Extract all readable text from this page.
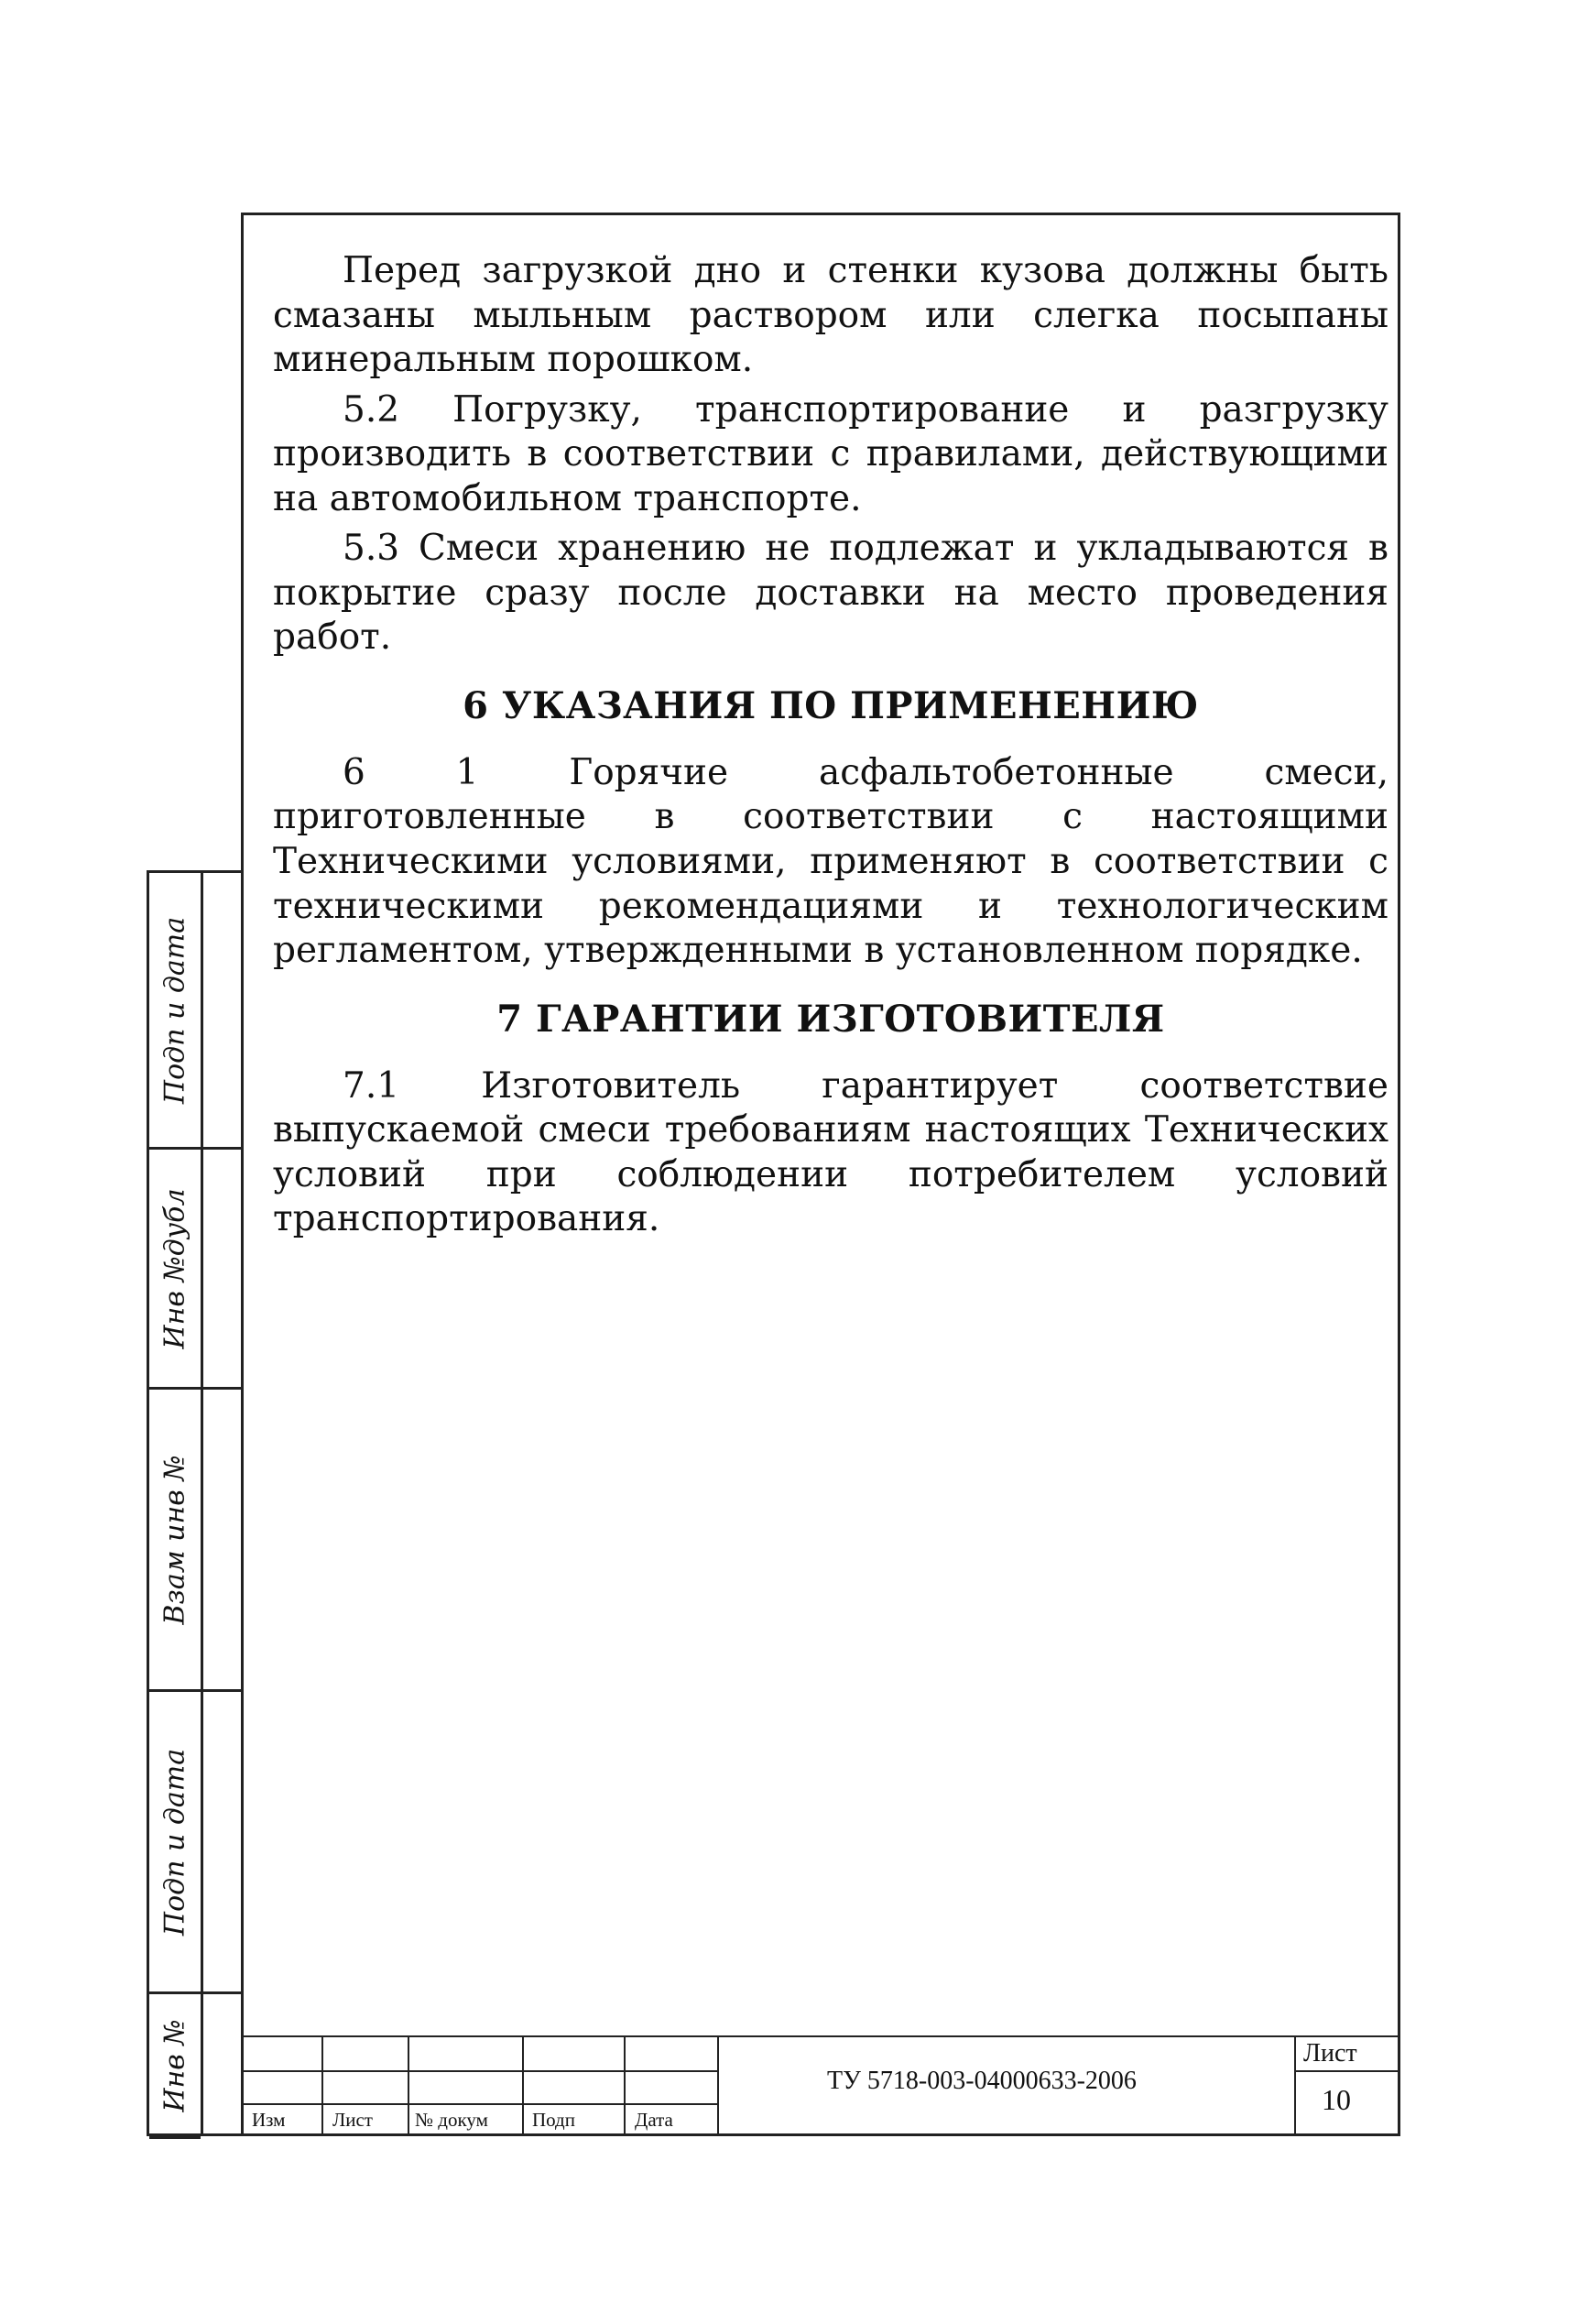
Перед загрузкой дно и стенки кузова должны быть смазаны мыльным раствором или слегка посыпаны минеральным порошком.

5.2 Погрузку, транспортирование и разгрузку производить в соответствии с правилами, действующими на автомобильном транспорте.

5.3 Смеси хранению не подлежат и укладываются в покрытие сразу после доставки на место проведения работ.

6 УКАЗАНИЯ ПО ПРИМЕНЕНИЮ

6 1 Горячие асфальтобетонные смеси, приготовленные в соответствии с настоящими Техническими условиями, применяют в соответствии с техническими рекомендациями и технологическим регламентом, утвержденными в установленном порядке.

7 ГАРАНТИИ ИЗГОТОВИТЕЛЯ

7.1 Изготовитель гарантирует соответствие выпускаемой смеси требованиям настоящих Технических условий при соблюдении потребителем условий транспортирования.

Подп и дата
Инв №дубл
Взам инв №
Подп и дата
Инв №
Изм Лист № докум Подп	Дата
ТУ 5718-003-04000633-2006
Лист
10
